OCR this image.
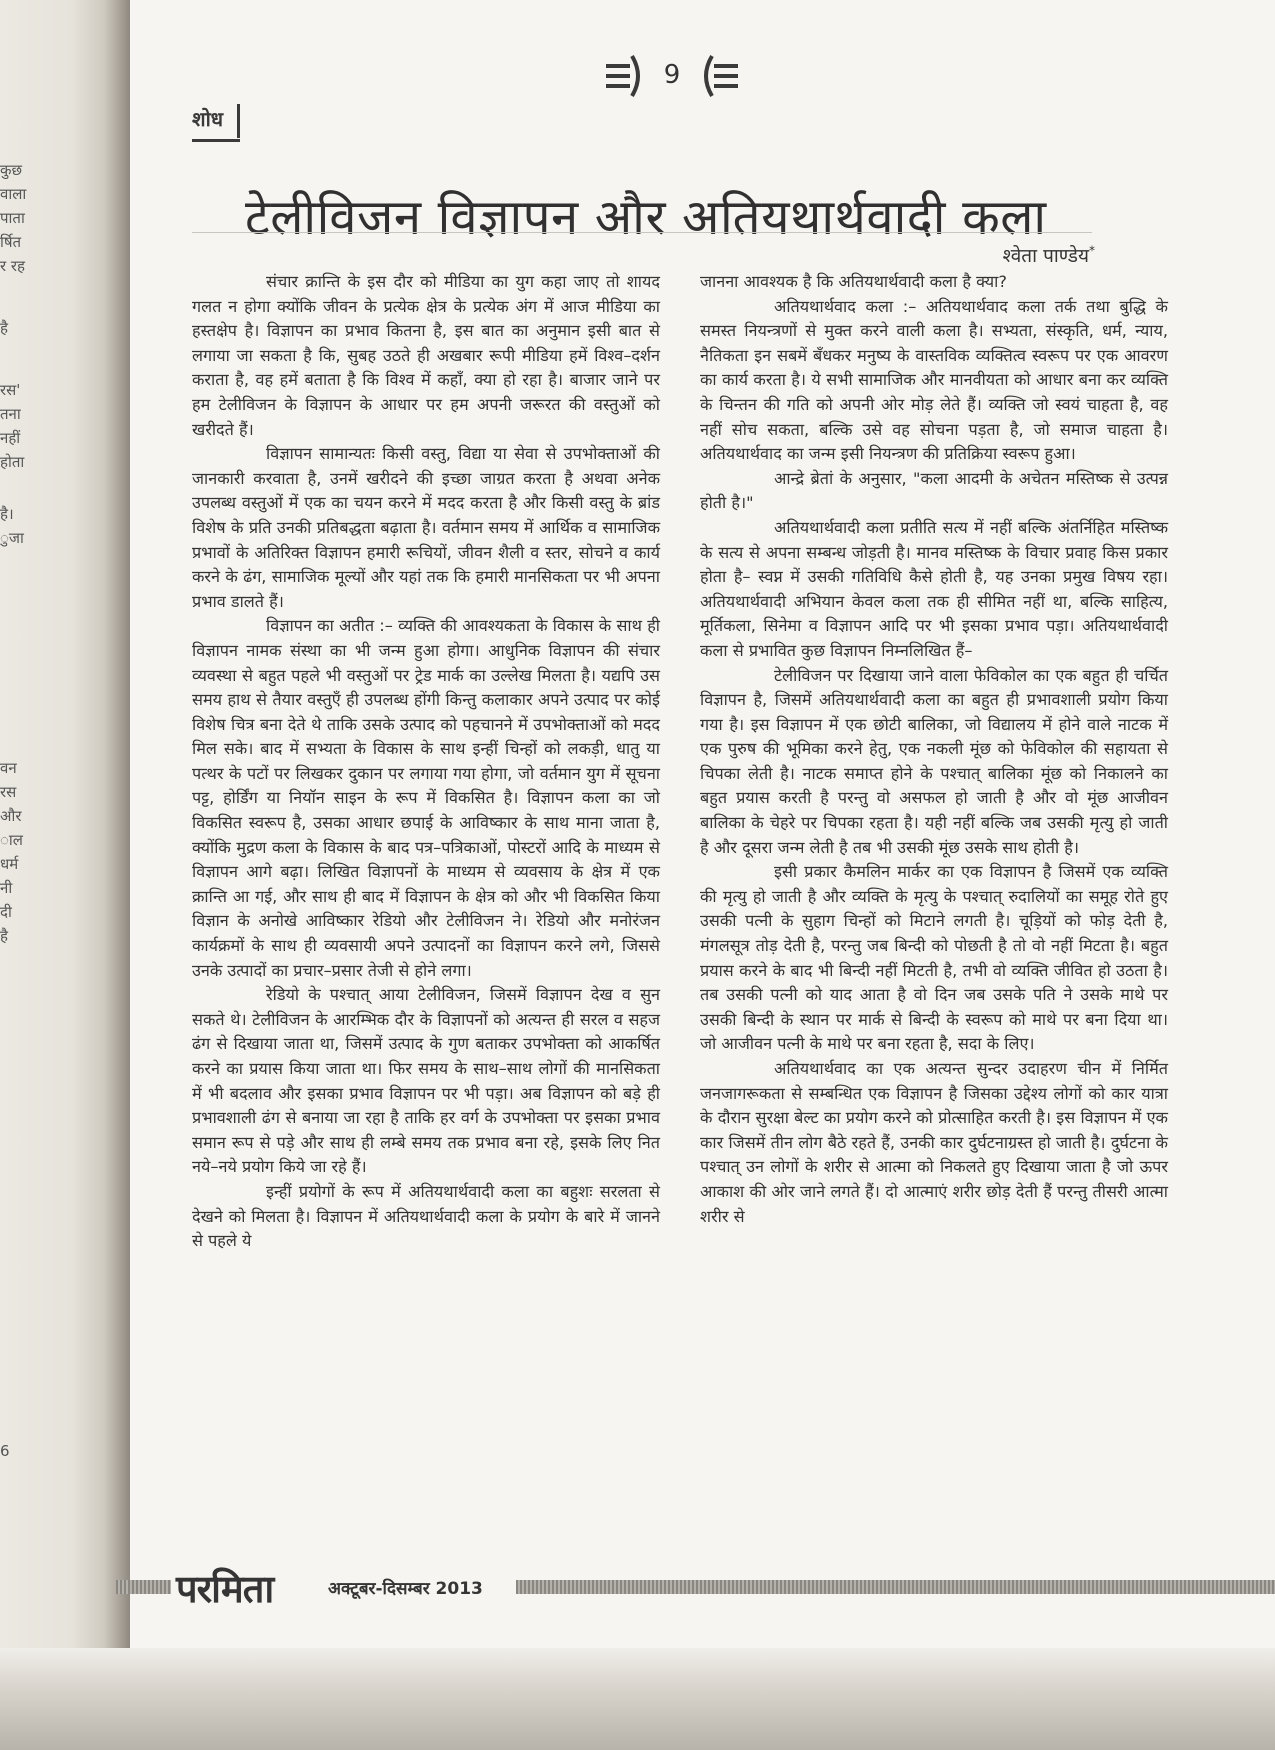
कुछ
वाला
पाता
र्षित
र रह
है
रस'
तना
नहीं
होता
है।
ुजा
वन
रस
और
ाल
धर्म
नी
दी
है
6
9
शोध
टेलीविजन विज्ञापन और अतियथार्थवादी कला
श्वेता पाण्डेय*

संचार क्रान्ति के इस दौर को मीडिया का युग कहा जाए तो शायद गलत न होगा क्योंकि जीवन के प्रत्येक क्षेत्र के प्रत्येक अंग में आज मीडिया का हस्तक्षेप है। विज्ञापन का प्रभाव कितना है, इस बात का अनुमान इसी बात से लगाया जा सकता है कि, सुबह उठते ही अखबार रूपी मीडिया हमें विश्व–दर्शन कराता है, वह हमें बताता है कि विश्व में कहाँ, क्या हो रहा है। बाजार जाने पर हम टेलीविजन के विज्ञापन के आधार पर हम अपनी जरूरत की वस्तुओं को खरीदते हैं।

विज्ञापन सामान्यतः किसी वस्तु, विद्या या सेवा से उपभोक्ताओं की जानकारी करवाता है, उनमें खरीदने की इच्छा जाग्रत करता है अथवा अनेक उपलब्ध वस्तुओं में एक का चयन करने में मदद करता है और किसी वस्तु के ब्रांड विशेष के प्रति उनकी प्रतिबद्धता बढ़ाता है। वर्तमान समय में आर्थिक व सामाजिक प्रभावों के अतिरिक्त विज्ञापन हमारी रूचियों, जीवन शैली व स्तर, सोचने व कार्य करने के ढंग, सामाजिक मूल्यों और यहां तक कि हमारी मानसिकता पर भी अपना प्रभाव डालते हैं।

विज्ञापन का अतीत :– व्यक्ति की आवश्यकता के विकास के साथ ही विज्ञापन नामक संस्था का भी जन्म हुआ होगा। आधुनिक विज्ञापन की संचार व्यवस्था से बहुत पहले भी वस्तुओं पर ट्रेड मार्क का उल्लेख मिलता है। यद्यपि उस समय हाथ से तैयार वस्तुएँ ही उपलब्ध होंगी किन्तु कलाकार अपने उत्पाद पर कोई विशेष चित्र बना देते थे ताकि उसके उत्पाद को पहचानने में उपभोक्ताओं को मदद मिल सके। बाद में सभ्यता के विकास के साथ इन्हीं चिन्हों को लकड़ी, धातु या पत्थर के पटों पर लिखकर दुकान पर लगाया गया होगा, जो वर्तमान युग में सूचना पट्ट, होर्डिंग या नियॉन साइन के रूप में विकसित है। विज्ञापन कला का जो विकसित स्वरूप है, उसका आधार छपाई के आविष्कार के साथ माना जाता है, क्योंकि मुद्रण कला के विकास के बाद पत्र–पत्रिकाओं, पोस्टरों आदि के माध्यम से विज्ञापन आगे बढ़ा। लिखित विज्ञापनों के माध्यम से व्यवसाय के क्षेत्र में एक क्रान्ति आ गई, और साथ ही बाद में विज्ञापन के क्षेत्र को और भी विकसित किया विज्ञान के अनोखे आविष्कार रेडियो और टेलीविजन ने। रेडियो और मनोरंजन कार्यक्रमों के साथ ही व्यवसायी अपने उत्पादनों का विज्ञापन करने लगे, जिससे उनके उत्पादों का प्रचार–प्रसार तेजी से होने लगा।

रेडियो के पश्चात् आया टेलीविजन, जिसमें विज्ञापन देख व सुन सकते थे। टेलीविजन के आरम्भिक दौर के विज्ञापनों को अत्यन्त ही सरल व सहज ढंग से दिखाया जाता था, जिसमें उत्पाद के गुण बताकर उपभोक्ता को आकर्षित करने का प्रयास किया जाता था। फिर समय के साथ–साथ लोगों की मानसिकता में भी बदलाव और इसका प्रभाव विज्ञापन पर भी पड़ा। अब विज्ञापन को बड़े ही प्रभावशाली ढंग से बनाया जा रहा है ताकि हर वर्ग के उपभोक्ता पर इसका प्रभाव समान रूप से पड़े और साथ ही लम्बे समय तक प्रभाव बना रहे, इसके लिए नित नये–नये प्रयोग किये जा रहे हैं।

इन्हीं प्रयोगों के रूप में अतियथार्थवादी कला का बहुशः सरलता से देखने को मिलता है। विज्ञापन में अतियथार्थवादी कला के प्रयोग के बारे में जानने से पहले ये

जानना आवश्यक है कि अतियथार्थवादी कला है क्या?

अतियथार्थवाद कला :– अतियथार्थवाद कला तर्क तथा बुद्धि के समस्त नियन्त्रणों से मुक्त करने वाली कला है। सभ्यता, संस्कृति, धर्म, न्याय, नैतिकता इन सबमें बँधकर मनुष्य के वास्तविक व्यक्तित्व स्वरूप पर एक आवरण का कार्य करता है। ये सभी सामाजिक और मानवीयता को आधार बना कर व्यक्ति के चिन्तन की गति को अपनी ओर मोड़ लेते हैं। व्यक्ति जो स्वयं चाहता है, वह नहीं सोच सकता, बल्कि उसे वह सोचना पड़ता है, जो समाज चाहता है। अतियथार्थवाद का जन्म इसी नियन्त्रण की प्रतिक्रिया स्वरूप हुआ।

आन्द्रे ब्रेतां के अनुसार, "कला आदमी के अचेतन मस्तिष्क से उत्पन्न होती है।"

अतियथार्थवादी कला प्रतीति सत्य में नहीं बल्कि अंतर्निहित मस्तिष्क के सत्य से अपना सम्बन्ध जोड़ती है। मानव मस्तिष्क के विचार प्रवाह किस प्रकार होता है– स्वप्न में उसकी गतिविधि कैसे होती है, यह उनका प्रमुख विषय रहा। अतियथार्थवादी अभियान केवल कला तक ही सीमित नहीं था, बल्कि साहित्य, मूर्तिकला, सिनेमा व विज्ञापन आदि पर भी इसका प्रभाव पड़ा। अतियथार्थवादी कला से प्रभावित कुछ विज्ञापन निम्नलिखित हैं–

टेलीविजन पर दिखाया जाने वाला फेविकोल का एक बहुत ही चर्चित विज्ञापन है, जिसमें अतियथार्थवादी कला का बहुत ही प्रभावशाली प्रयोग किया गया है। इस विज्ञापन में एक छोटी बालिका, जो विद्यालय में होने वाले नाटक में एक पुरुष की भूमिका करने हेतु, एक नकली मूंछ को फेविकोल की सहायता से चिपका लेती है। नाटक समाप्त होने के पश्चात् बालिका मूंछ को निकालने का बहुत प्रयास करती है परन्तु वो असफल हो जाती है और वो मूंछ आजीवन बालिका के चेहरे पर चिपका रहता है। यही नहीं बल्कि जब उसकी मृत्यु हो जाती है और दूसरा जन्म लेती है तब भी उसकी मूंछ उसके साथ होती है।

इसी प्रकार कैमलिन मार्कर का एक विज्ञापन है जिसमें एक व्यक्ति की मृत्यु हो जाती है और व्यक्ति के मृत्यु के पश्चात् रुदालियों का समूह रोते हुए उसकी पत्नी के सुहाग चिन्हों को मिटाने लगती है। चूड़ियों को फोड़ देती है, मंगलसूत्र तोड़ देती है, परन्तु जब बिन्दी को पोछती है तो वो नहीं मिटता है। बहुत प्रयास करने के बाद भी बिन्दी नहीं मिटती है, तभी वो व्यक्ति जीवित हो उठता है। तब उसकी पत्नी को याद आता है वो दिन जब उसके पति ने उसके माथे पर उसकी बिन्दी के स्थान पर मार्क से बिन्दी के स्वरूप को माथे पर बना दिया था। जो आजीवन पत्नी के माथे पर बना रहता है, सदा के लिए।

अतियथार्थवाद का एक अत्यन्त सुन्दर उदाहरण चीन में निर्मित जनजागरूकता से सम्बन्धित एक विज्ञापन है जिसका उद्देश्य लोगों को कार यात्रा के दौरान सुरक्षा बेल्ट का प्रयोग करने को प्रोत्साहित करती है। इस विज्ञापन में एक कार जिसमें तीन लोग बैठे रहते हैं, उनकी कार दुर्घटनाग्रस्त हो जाती है। दुर्घटना के पश्चात् उन लोगों के शरीर से आत्मा को निकलते हुए दिखाया जाता है जो ऊपर आकाश की ओर जाने लगते हैं। दो आत्माएं शरीर छोड़ देती हैं परन्तु तीसरी आत्मा शरीर से

परमिता	अक्टूबर-दिसम्बर 2013
